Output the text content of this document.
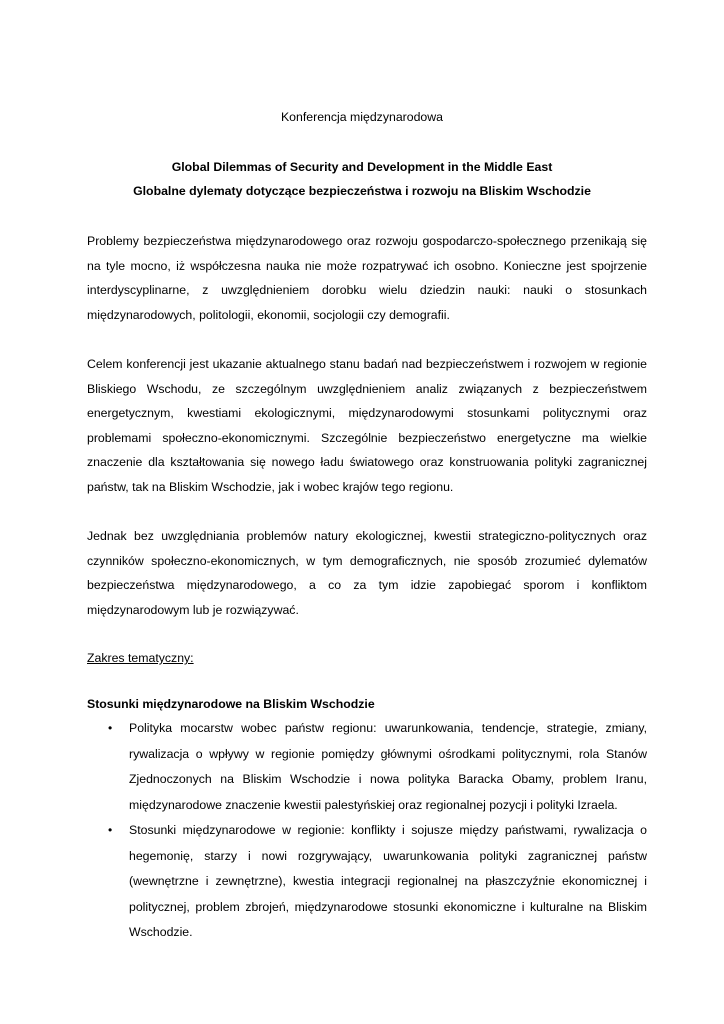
Konferencja międzynarodowa
Global Dilemmas of Security and Development in the Middle East
Globalne dylematy dotyczące bezpieczeństwa i rozwoju na Bliskim Wschodzie

Problemy bezpieczeństwa międzynarodowego oraz rozwoju gospodarczo-społecznego przenikają się na tyle mocno, iż współczesna nauka nie może rozpatrywać ich osobno. Konieczne jest spojrzenie interdyscyplinarne, z uwzględnieniem dorobku wielu dziedzin nauki: nauki o stosunkach międzynarodowych, politologii, ekonomii, socjologii czy demografii.

Celem konferencji jest ukazanie aktualnego stanu badań nad bezpieczeństwem i rozwojem w regionie Bliskiego Wschodu, ze szczególnym uwzględnieniem analiz związanych z bezpieczeństwem energetycznym, kwestiami ekologicznymi, międzynarodowymi stosunkami politycznymi oraz problemami społeczno-ekonomicznymi. Szczególnie bezpieczeństwo energetyczne ma wielkie znaczenie dla kształtowania się nowego ładu światowego oraz konstruowania polityki zagranicznej państw, tak na Bliskim Wschodzie, jak i wobec krajów tego regionu.

Jednak bez uwzględniania problemów natury ekologicznej, kwestii strategiczno-politycznych oraz czynników społeczno-ekonomicznych, w tym demograficznych, nie sposób zrozumieć dylematów bezpieczeństwa międzynarodowego, a co za tym idzie zapobiegać sporom i konfliktom międzynarodowym lub je rozwiązywać.

Zakres tematyczny:
Stosunki międzynarodowe na Bliskim Wschodzie
• Polityka mocarstw wobec państw regionu: uwarunkowania, tendencje, strategie, zmiany, rywalizacja o wpływy w regionie pomiędzy głównymi ośrodkami politycznymi, rola Stanów Zjednoczonych na Bliskim Wschodzie i nowa polityka Baracka Obamy, problem Iranu, międzynarodowe znaczenie kwestii palestyńskiej oraz regionalnej pozycji i polityki Izraela.
• Stosunki międzynarodowe w regionie: konflikty i sojusze między państwami, rywalizacja o hegemonię, starzy i nowi rozgrywający, uwarunkowania polityki zagranicznej państw (wewnętrzne i zewnętrzne), kwestia integracji regionalnej na płaszczyźnie ekonomicznej i politycznej, problem zbrojeń, międzynarodowe stosunki ekonomiczne i kulturalne na Bliskim Wschodzie.
